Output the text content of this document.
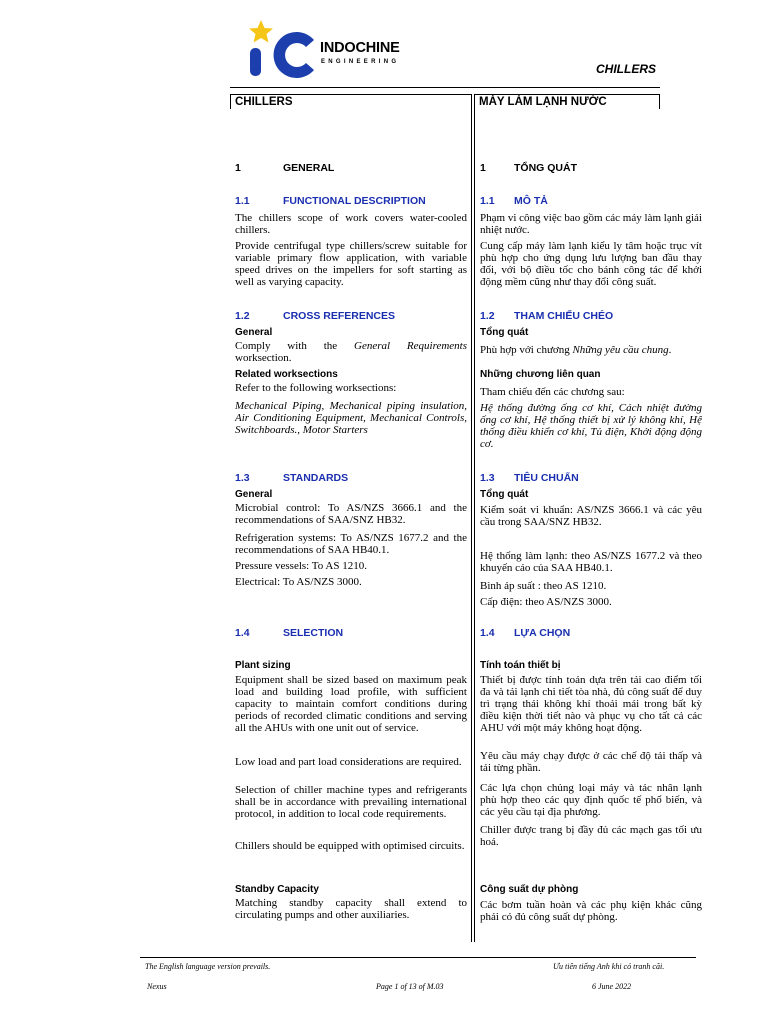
INDOCHINE
ENGINEERING	CHILLERS
CHILLERS
1	GENERAL
1.1	FUNCTIONAL DESCRIPTION
The chillers scope of work covers water-cooled chillers.
Provide centrifugal type chillers/screw suitable for variable primary flow application, with variable speed drives on the impellers for soft starting as well as varying capacity.
1.2	CROSS REFERENCES
General
Comply with the General Requirements worksection.
Related worksections
Refer to the following worksections:
Mechanical Piping, Mechanical piping insulation, Air Conditioning Equipment, Mechanical Controls, Switchboards., Motor Starters
1.3	STANDARDS
General
Microbial control: To AS/NZS 3666.1 and the recommendations of SAA/SNZ HB32.
Refrigeration systems: To AS/NZS 1677.2 and the recommendations of SAA HB40.1.
Pressure vessels: To AS 1210.
Electrical: To AS/NZS 3000.
1.4	SELECTION
Plant sizing
Equipment shall be sized based on maximum peak load and building load profile, with sufficient capacity to maintain comfort conditions during periods of recorded climatic conditions and serving all the AHUs with one unit out of service.
Low load and part load considerations are required.
Selection of chiller machine types and refrigerants shall be in accordance with prevailing international protocol, in addition to local code requirements.
Chillers should be equipped with optimised circuits.
Standby Capacity
Matching standby capacity shall extend to circulating pumps and other auxiliaries.
MÁY LÀM LẠNH NƯỚC
1	TỔNG QUÁT
1.1 MÔ TẢ
Phạm vi công việc bao gồm các máy làm lạnh giải nhiệt nước.
Cung cấp máy làm lạnh kiểu ly tâm hoặc trục vít phù hợp cho ứng dụng lưu lượng ban đầu thay đổi, với bộ điều tốc cho bánh công tác để khởi động mềm cũng như thay đổi công suất.
1.2 THAM CHIẾU CHÉO
Tổng quát
Phù hợp với chương Những yêu cầu chung.
Những chương liên quan
Tham chiếu đến các chương sau:
Hệ thống đường ống cơ khí, Cách nhiệt đường ống cơ khí, Hệ thống thiết bị xử lý không khí, Hệ thống điều khiển cơ khí, Tủ điện, Khởi động động cơ.
1.3 TIÊU CHUẨN
Tổng quát
Kiểm soát vi khuẩn: AS/NZS 3666.1 và các yêu cầu trong SAA/SNZ HB32.
Hệ thống làm lạnh: theo AS/NZS 1677.2 và theo khuyến cáo của SAA HB40.1.
Bình áp suất : theo AS 1210.
Cấp điện: theo AS/NZS 3000.
1.4 LỰA CHỌN
Tính toán thiết bị
Thiết bị được tính toán dựa trên tải cao điểm tối đa và tải lạnh chi tiết tòa nhà, đủ công suất để duy trì trạng thái không khí thoải mái trong bất kỳ điều kiện thời tiết nào và phục vụ cho tất cả các AHU với một máy không hoạt động.
Yêu cầu máy chạy được ở các chế độ tải thấp và tải từng phần.
Các lựa chọn chủng loại máy và tác nhân lạnh phù hợp theo các quy định quốc tế phổ biến, và các yêu cầu tại địa phương.
Chiller được trang bị đầy đủ các mạch gas tối ưu hoá.
Công suất dự phòng
Các bơm tuần hoàn và các phụ kiện khác cũng phải có đủ công suất dự phòng.
The English language version prevails.	Ưu tiên tiếng Anh khi có tranh cãi.
Nexus	Page 1 of 13 of M.03	6 June 2022
